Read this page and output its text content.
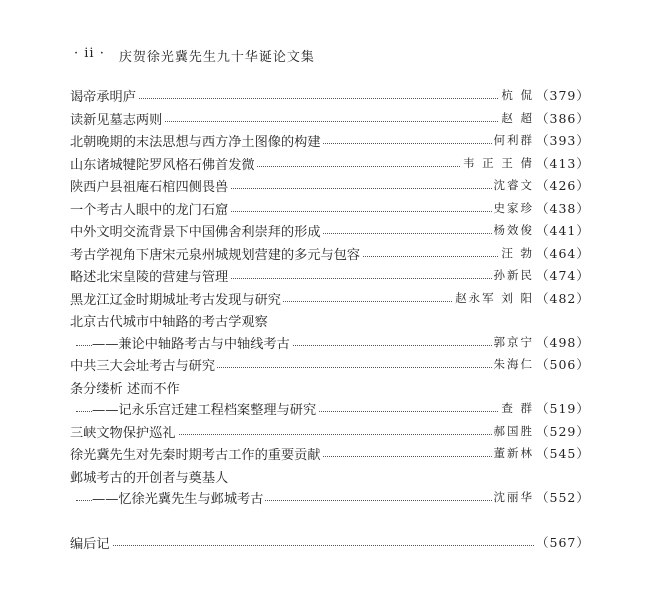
· ii · 庆贺徐光冀先生九十华诞论文集
谒帝承明庐	杭 侃 （379）
读新见墓志两则	赵 超 （386）
北朝晚期的末法思想与西方净土图像的构建	何利群 （393）
山东诸城犍陀罗风格石佛首发微	韦 正 王 倩 （413）
陕西户县祖庵石棺四侧畏兽	沈睿文 （426）
一个考古人眼中的龙门石窟	史家珍 （438）
中外文明交流背景下中国佛舍利崇拜的形成	杨效俊 （441）
考古学视角下唐宋元泉州城规划营建的多元与包容	汪 勃 （464）
略述北宋皇陵的营建与管理	孙新民 （474）
黑龙江辽金时期城址考古发现与研究	赵永军 刘 阳 （482）
北京古代城市中轴路的考古学观察
——兼论中轴路考古与中轴线考古	郭京宁 （498）
中共三大会址考古与研究	朱海仁 （506）
条分缕析 述而不作
——记永乐宫迁建工程档案整理与研究	查 群 （519）
三峡文物保护巡礼	郝国胜 （529）
徐光冀先生对先秦时期考古工作的重要贡献	董新林 （545）
邺城考古的开创者与奠基人
——忆徐光冀先生与邺城考古	沈丽华 （552）
编后记	（567）
